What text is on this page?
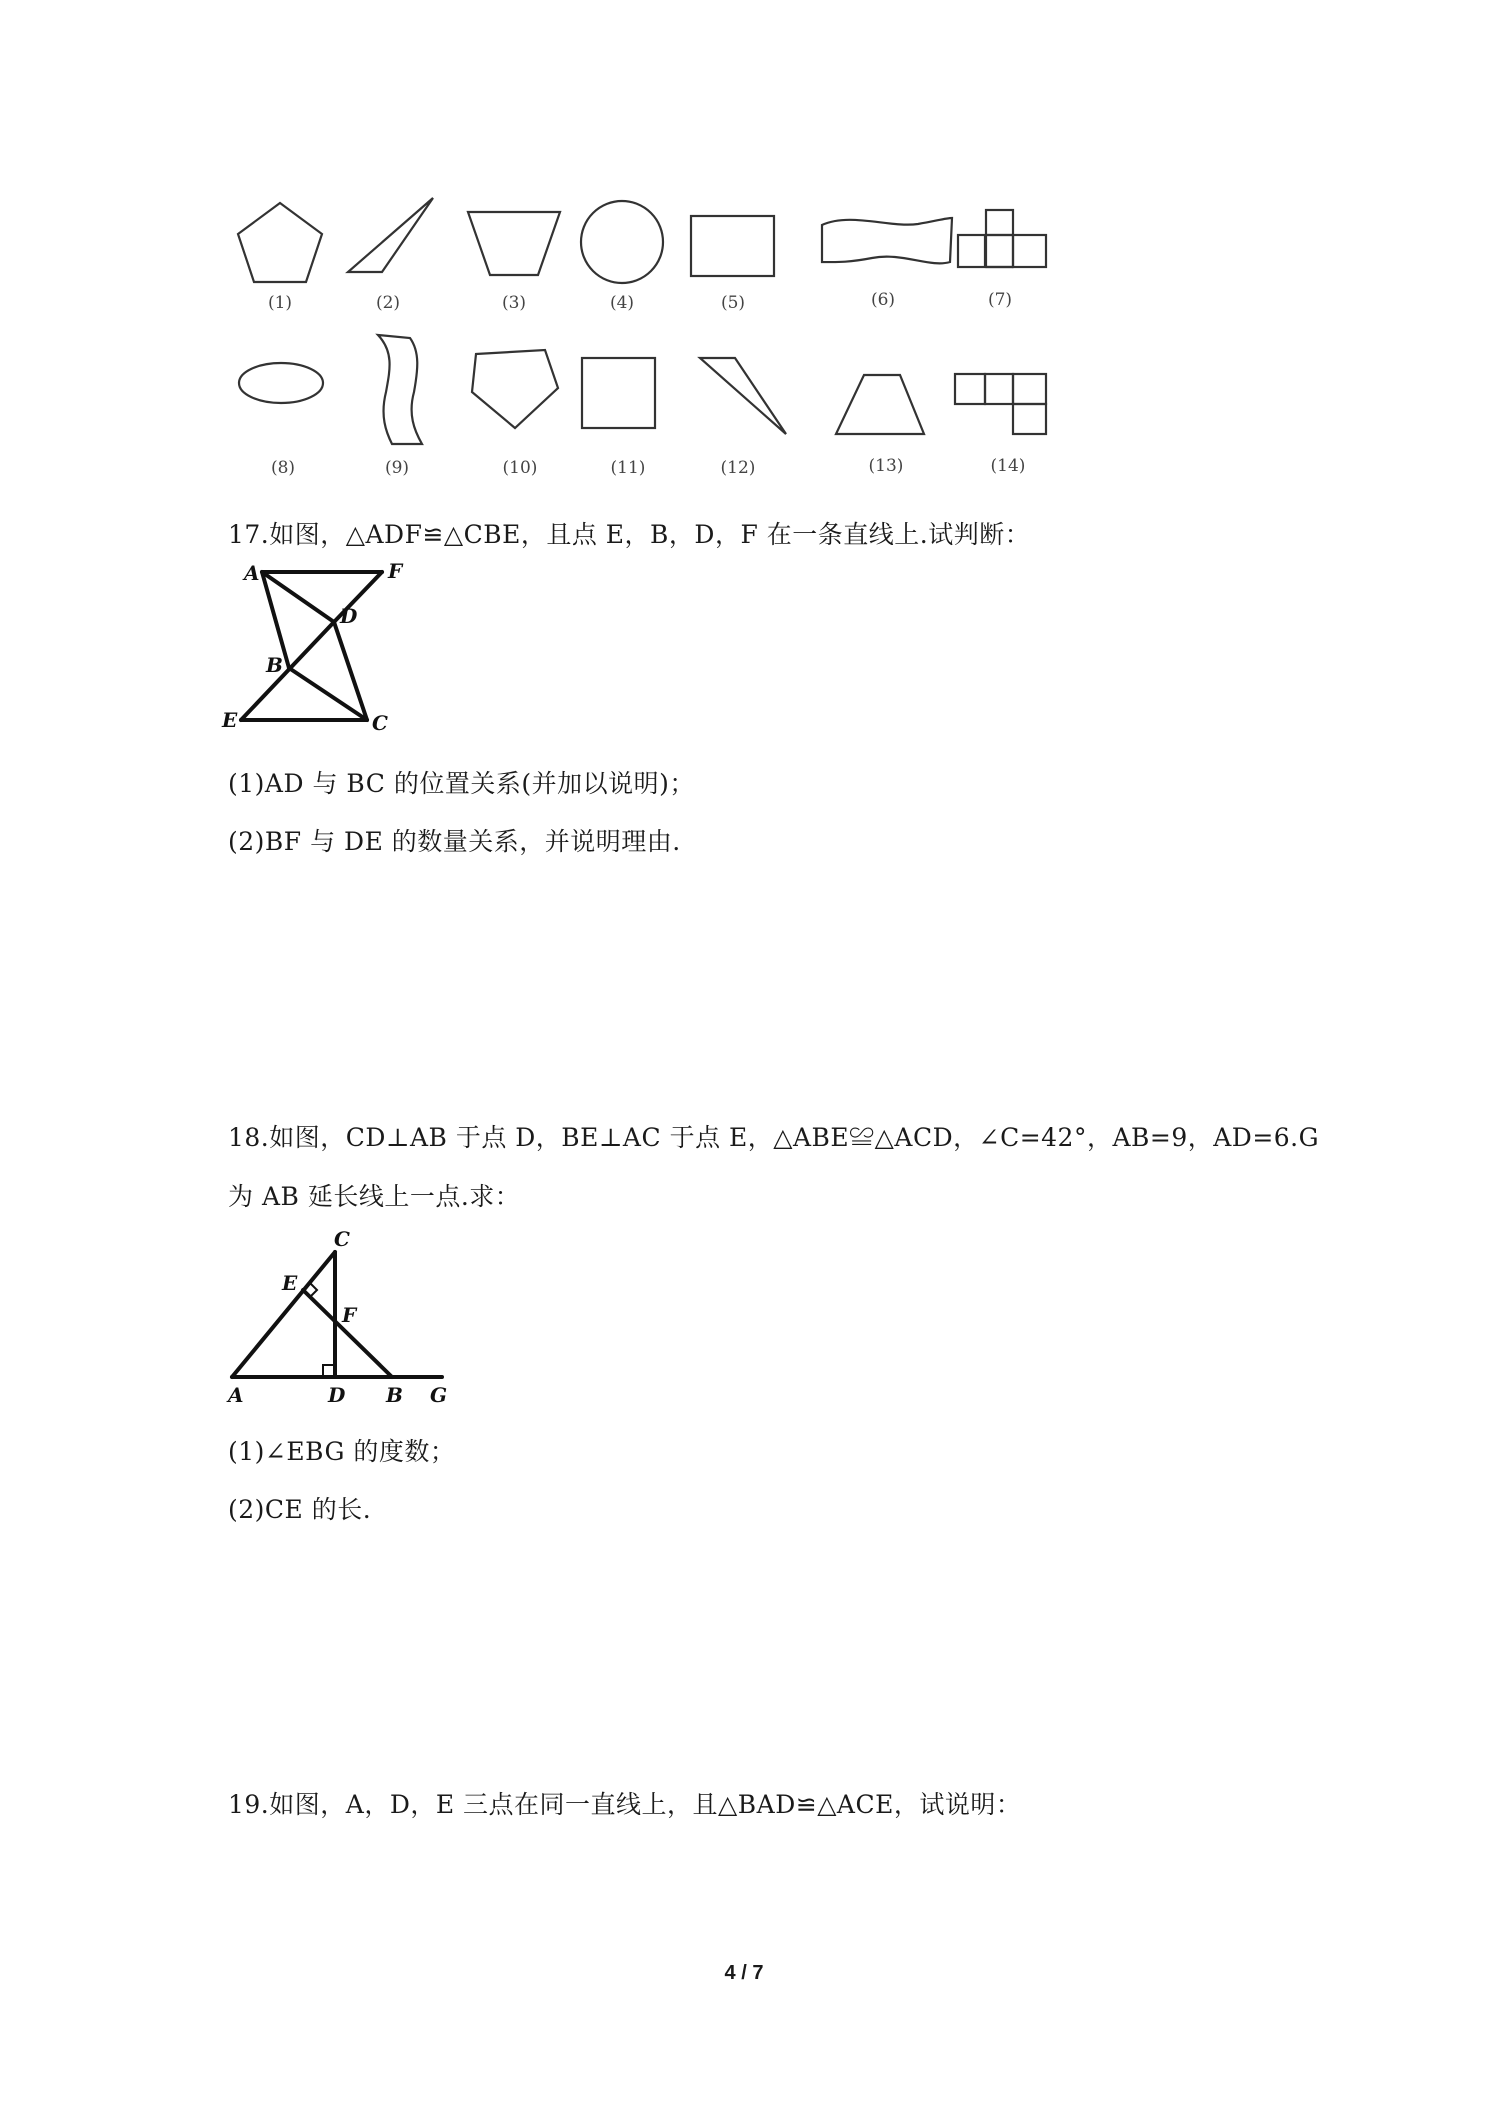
(1)	(2)	(3)	(4)	(5)	(6)	(7)
(8)	(9)	(10)	(11)	(12)	(13)	(14)
17.如图，△ADF≌△CBE，且点 E，B，D，F 在一条直线上.试判断：
A	F
D
B
E	C
(1)AD 与 BC 的位置关系(并加以说明)；
(2)BF 与 DE 的数量关系，并说明理由.
18.如图，CD⊥AB 于点 D，BE⊥AC 于点 E，△ABE≌△ACD，∠C=42°，AB=9，AD=6.G
为 AB 延长线上一点.求：
C
E
F
A	D B G
(1)∠EBG 的度数；
(2)CE 的长.
19.如图，A，D，E 三点在同一直线上，且△BAD≌△ACE，试说明：
4 / 7
